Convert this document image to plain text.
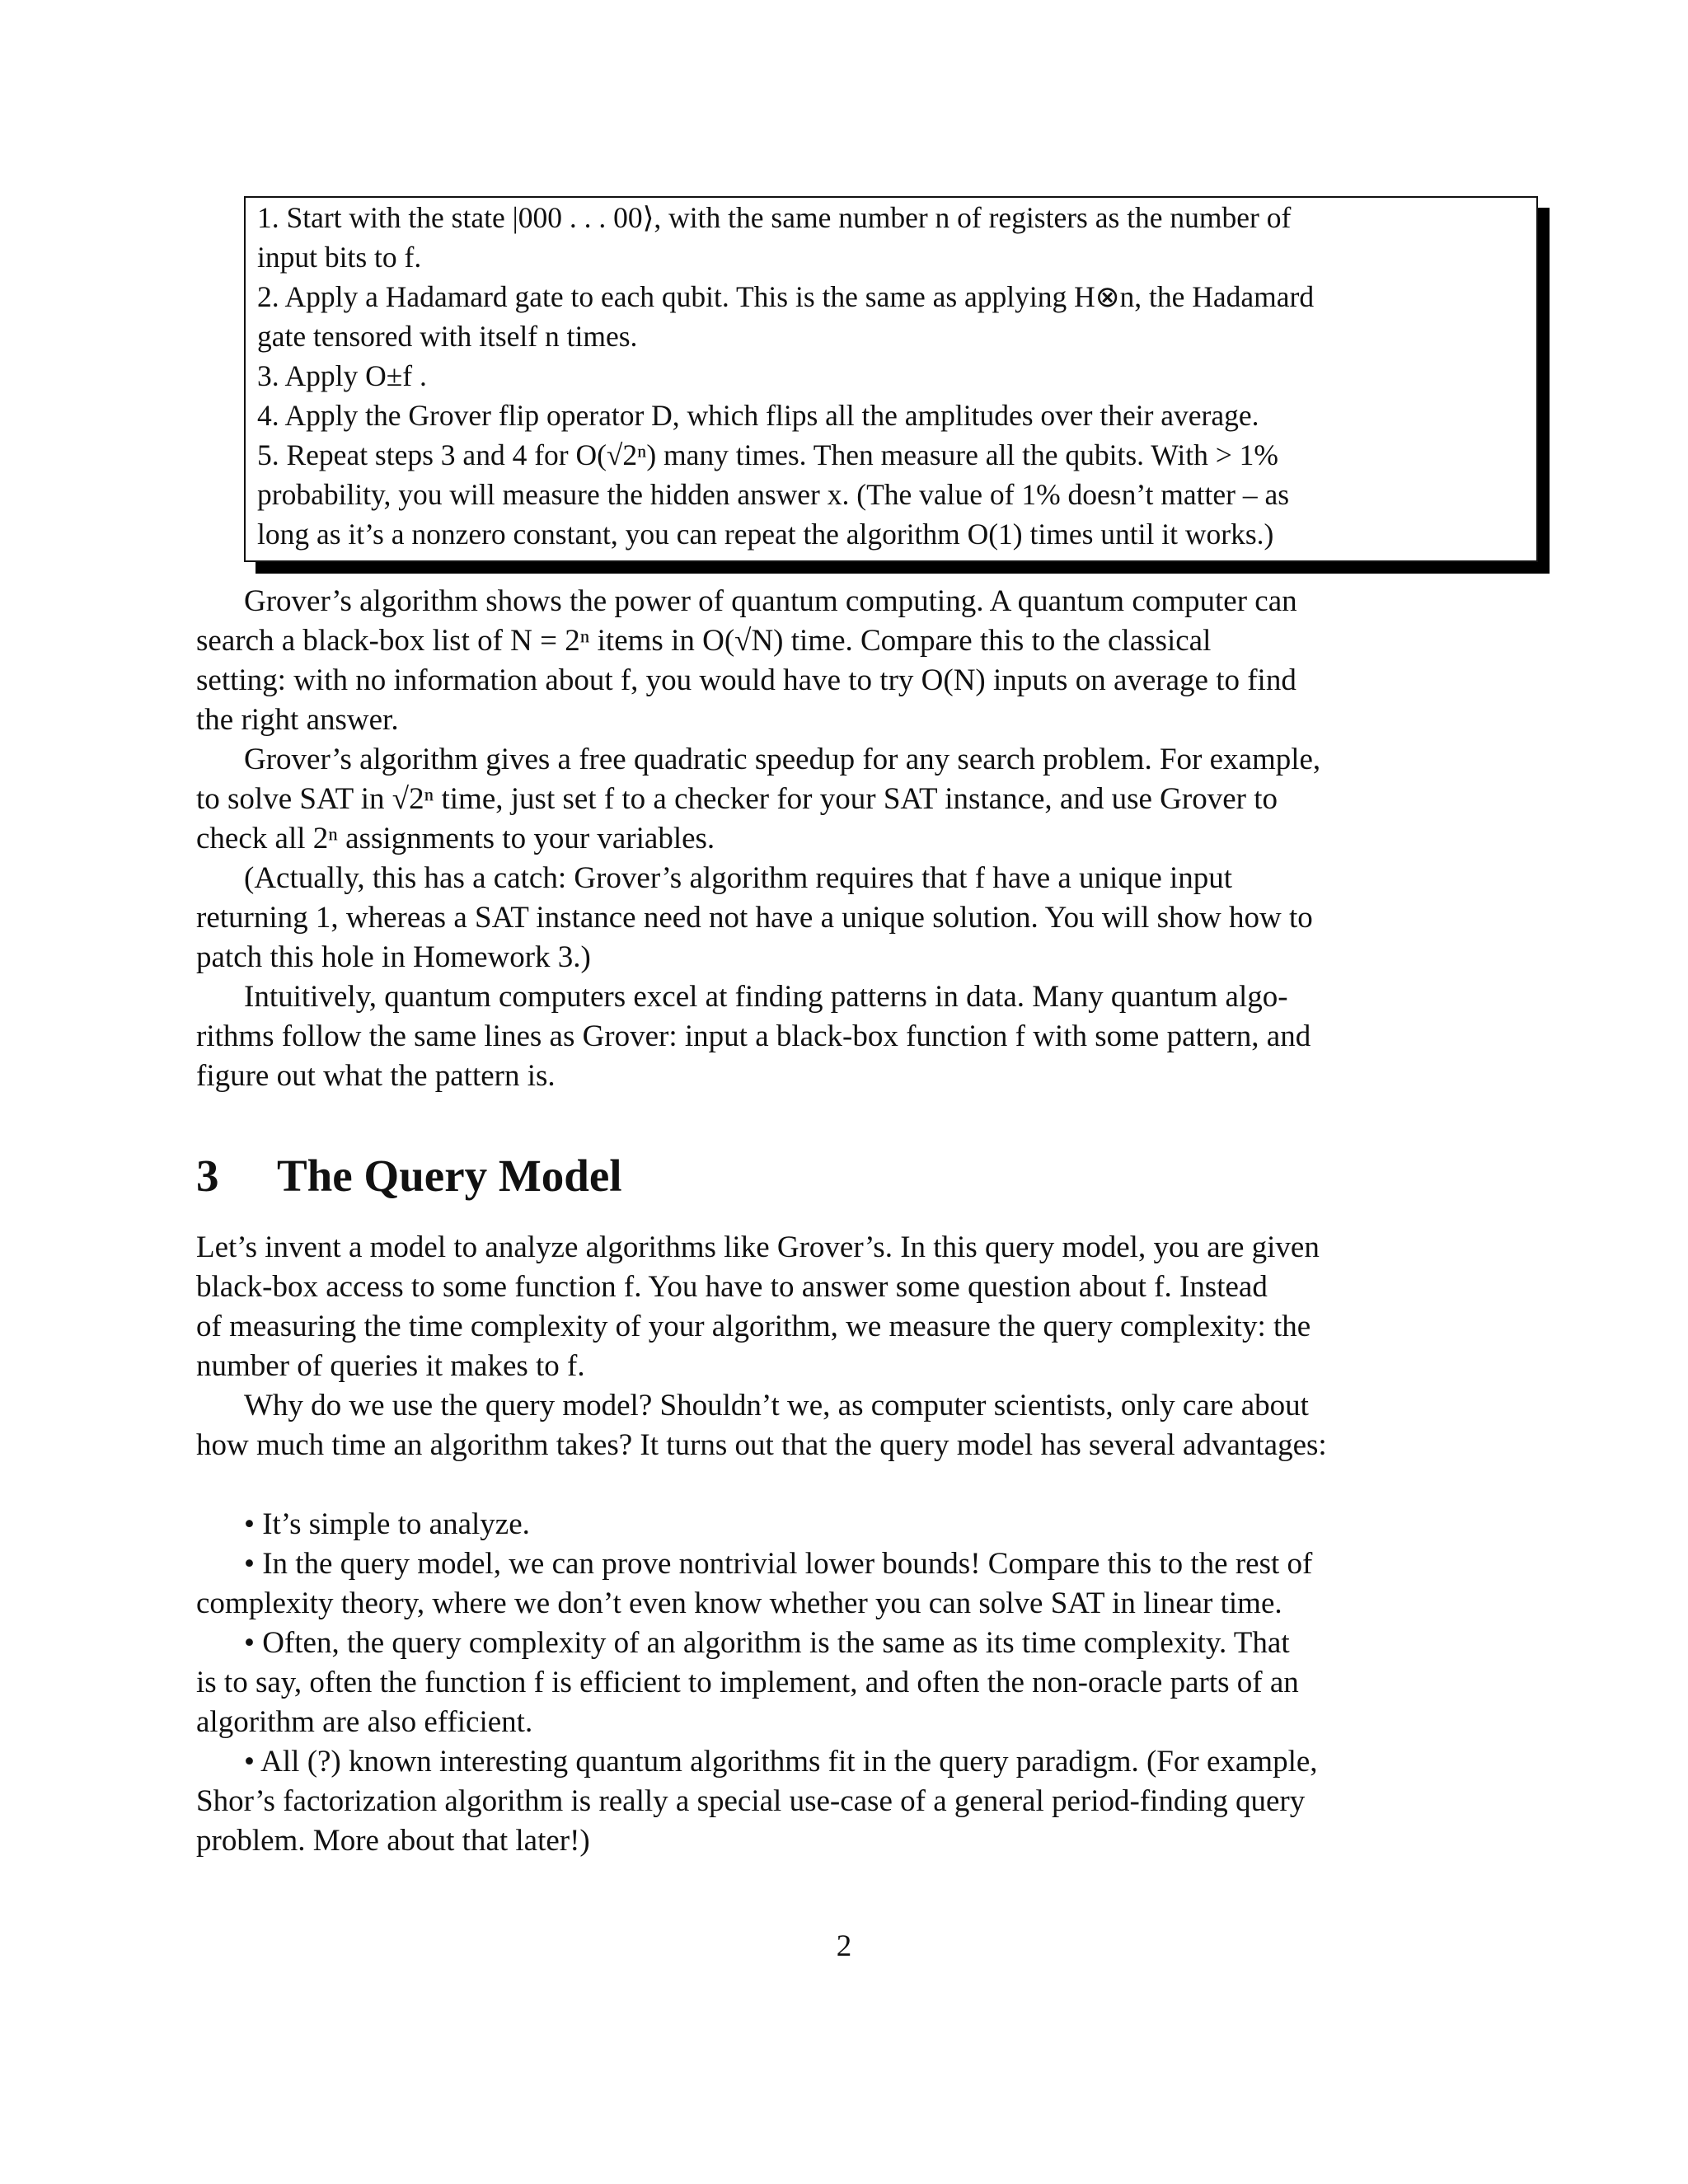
1. Start with the state |000 . . . 00⟩, with the same number n of registers as the number of
input bits to f.
2. Apply a Hadamard gate to each qubit. This is the same as applying H⊗n, the Hadamard
gate tensored with itself n times.
3. Apply O±f .
4. Apply the Grover flip operator D, which flips all the amplitudes over their average.
5. Repeat steps 3 and 4 for O(√2ⁿ) many times. Then measure all the qubits. With > 1%
probability, you will measure the hidden answer x. (The value of 1% doesn’t matter – as
long as it’s a nonzero constant, you can repeat the algorithm O(1) times until it works.)
Grover’s algorithm shows the power of quantum computing. A quantum computer can
search a black-box list of N = 2ⁿ items in O(√N) time. Compare this to the classical
setting: with no information about f, you would have to try O(N) inputs on average to find
the right answer.
Grover’s algorithm gives a free quadratic speedup for any search problem. For example,
to solve SAT in √2ⁿ time, just set f to a checker for your SAT instance, and use Grover to
check all 2ⁿ assignments to your variables.
(Actually, this has a catch: Grover’s algorithm requires that f have a unique input
returning 1, whereas a SAT instance need not have a unique solution. You will show how to
patch this hole in Homework 3.)
Intuitively, quantum computers excel at finding patterns in data. Many quantum algo-
rithms follow the same lines as Grover: input a black-box function f with some pattern, and
figure out what the pattern is.
3 The Query Model
Let’s invent a model to analyze algorithms like Grover’s. In this query model, you are given
black-box access to some function f. You have to answer some question about f. Instead
of measuring the time complexity of your algorithm, we measure the query complexity: the
number of queries it makes to f.
Why do we use the query model? Shouldn’t we, as computer scientists, only care about
how much time an algorithm takes? It turns out that the query model has several advantages:
• It’s simple to analyze.
• In the query model, we can prove nontrivial lower bounds! Compare this to the rest of
complexity theory, where we don’t even know whether you can solve SAT in linear time.
• Often, the query complexity of an algorithm is the same as its time complexity. That
is to say, often the function f is efficient to implement, and often the non-oracle parts of an
algorithm are also efficient.
• All (?) known interesting quantum algorithms fit in the query paradigm. (For example,
Shor’s factorization algorithm is really a special use-case of a general period-finding query
problem. More about that later!)
2
